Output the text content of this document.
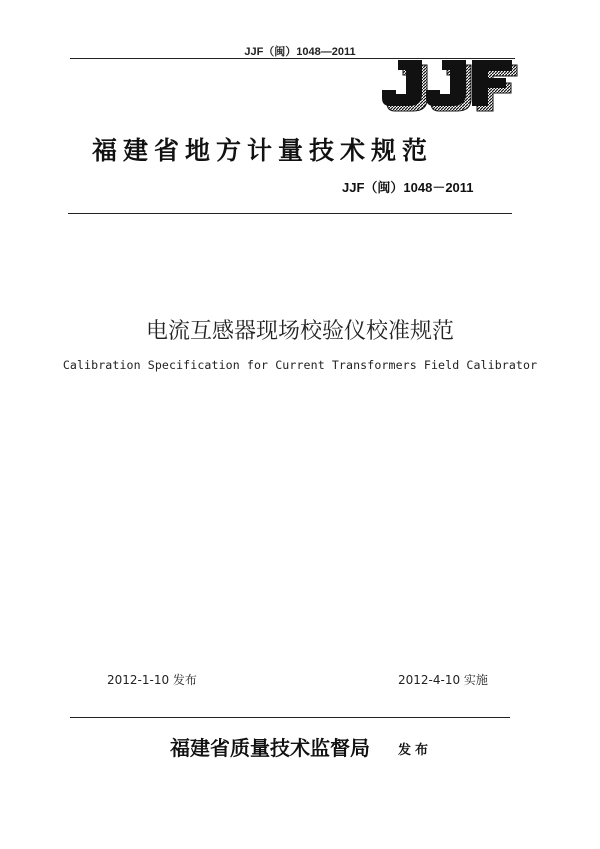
JJF（闽）1048—2011
福建省地方计量技术规范
JJF（闽）1048－2011
电流互感器现场校验仪校准规范
Calibration Specification for Current Transformers Field Calibrator
2012-1-10 发布	2012-4-10 实施
福建省质量技术监督局 发布
